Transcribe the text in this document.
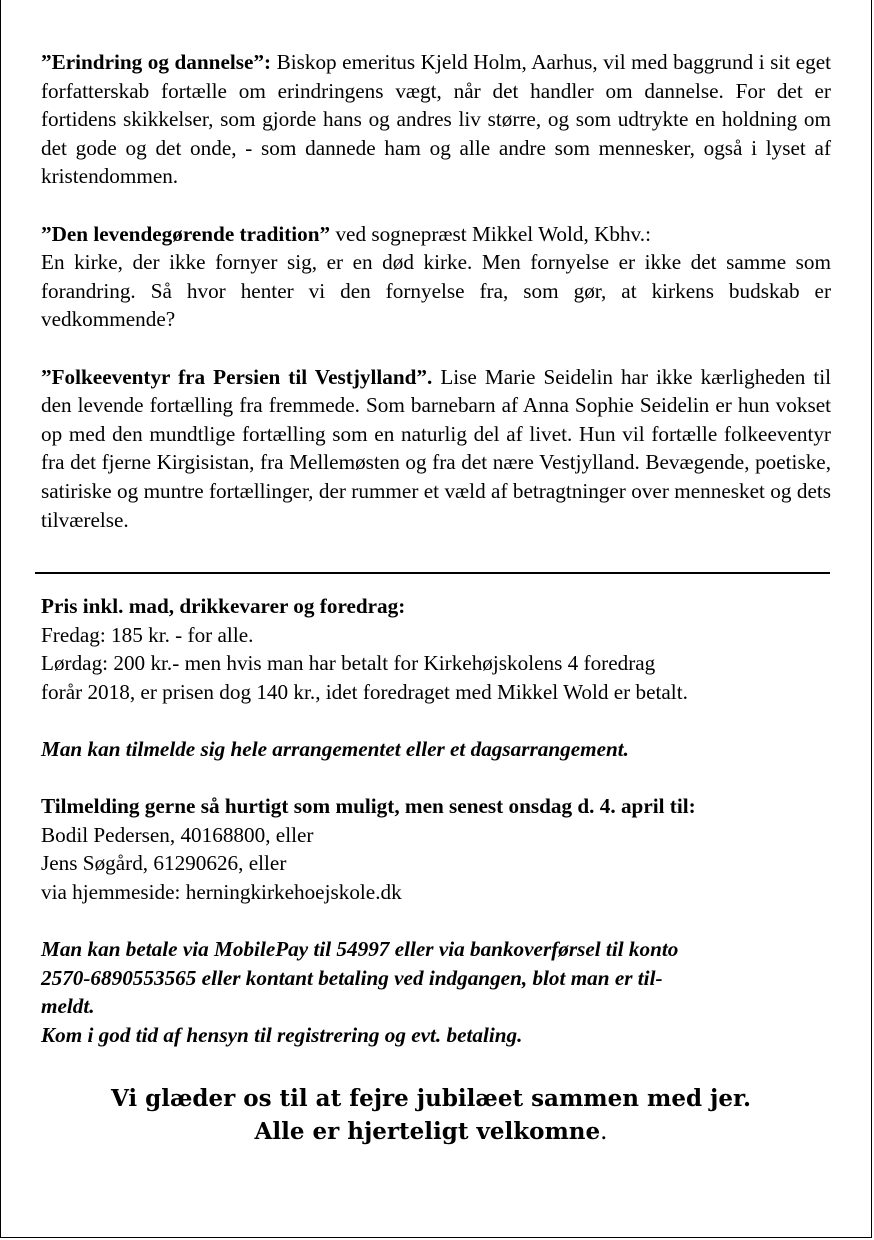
”Erindring og dannelse”: Biskop emeritus Kjeld Holm, Aarhus, vil med baggrund i sit eget forfatterskab fortælle om erindringens vægt, når det handler om dannelse. For det er fortidens skikkelser, som gjorde hans og andres liv større, og som udtrykte en holdning om det gode og det onde, - som dannede ham og alle andre som mennesker, også i lyset af kristendommen.

”Den levendegørende tradition” ved sognepræst Mikkel Wold, Kbhv.:
En kirke, der ikke fornyer sig, er en død kirke. Men fornyelse er ikke det samme som forandring. Så hvor henter vi den fornyelse fra, som gør, at kirkens budskab er vedkommende?

”Folkeeventyr fra Persien til Vestjylland”. Lise Marie Seidelin har ikke kærligheden til den levende fortælling fra fremmede. Som barnebarn af Anna Sophie Seidelin er hun vokset op med den mundtlige fortælling som en naturlig del af livet. Hun vil fortælle folkeeventyr fra det fjerne Kirgisistan, fra Mellemøsten og fra det nære Vestjylland. Bevægende, poetiske, satiriske og muntre fortællinger, der rummer et væld af betragtninger over mennesket og dets tilværelse.

Pris inkl. mad, drikkevarer og foredrag:

Fredag: 185 kr. - for alle.

Lørdag: 200 kr.- men hvis man har betalt for Kirkehøjskolens 4 foredrag

forår 2018, er prisen dog 140 kr., idet foredraget med Mikkel Wold er betalt.

Man kan tilmelde sig hele arrangementet eller et dagsarrangement.

Tilmelding gerne så hurtigt som muligt, men senest onsdag d. 4. april til:

Bodil Pedersen, 40168800, eller

Jens Søgård, 61290626, eller

via hjemmeside: herningkirkehoejskole.dk

Man kan betale via MobilePay til 54997 eller via bankoverførsel til konto

2570-6890553565 eller kontant betaling ved indgangen, blot man er til-

meldt.

Kom i god tid af hensyn til registrering og evt. betaling.

Vi glæder os til at fejre jubilæet sammen med jer.
Alle er hjerteligt velkomne.
